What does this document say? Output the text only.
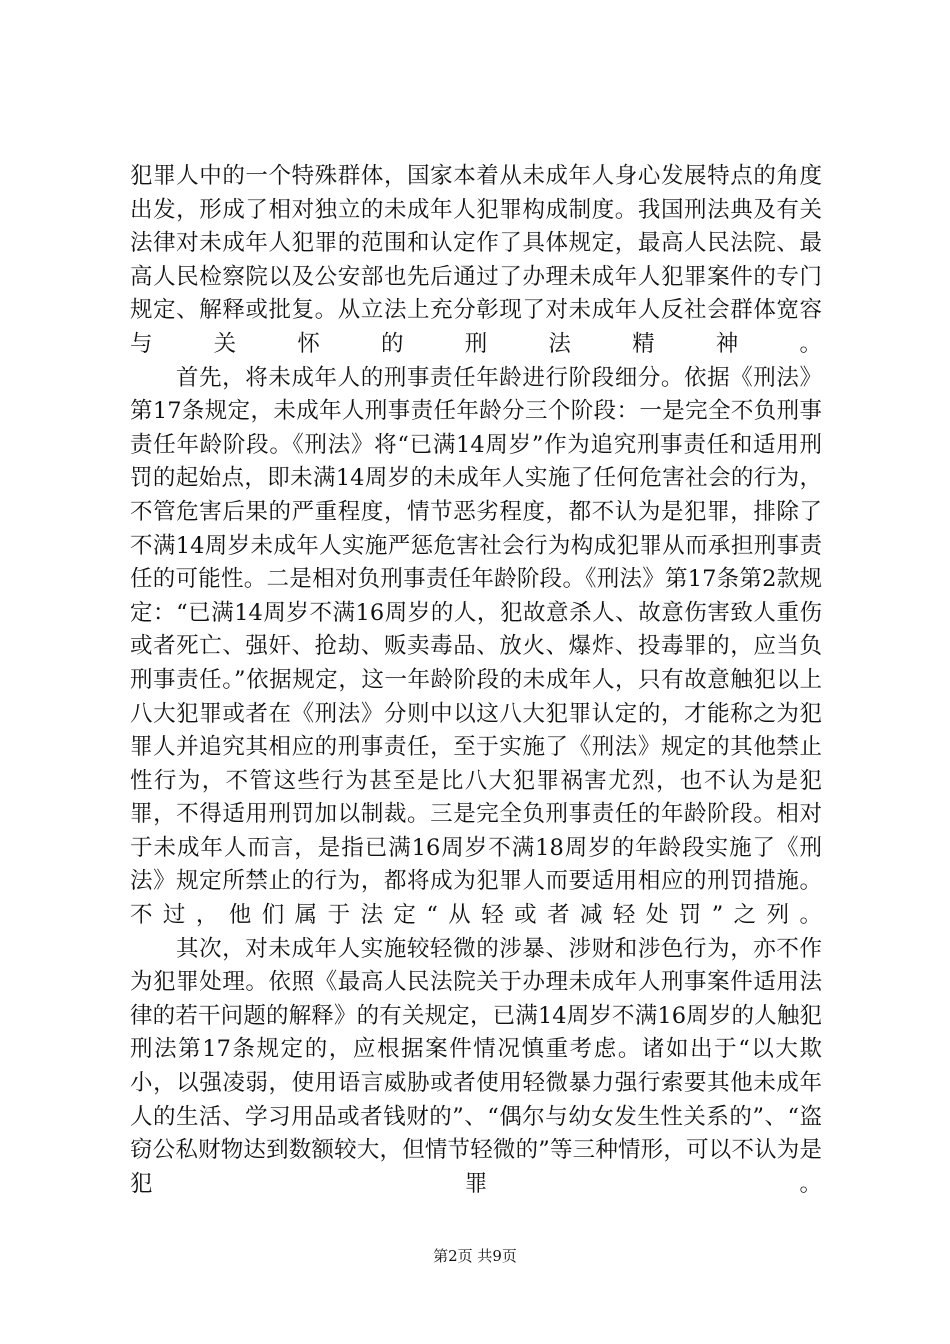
犯罪人中的一个特殊群体，国家本着从未成年人身心发展特点的角度出发，形成了相对独立的未成年人犯罪构成制度。我国刑法典及有关法律对未成年人犯罪的范围和认定作了具体规定，最高人民法院、最高人民检察院以及公安部也先后通过了办理未成年人犯罪案件的专门规定、解释或批复。从立法上充分彰现了对未成年人反社会群体宽容与关怀的刑法精神。

首先，将未成年人的刑事责任年龄进行阶段细分。依据《刑法》第17条规定，未成年人刑事责任年龄分三个阶段：一是完全不负刑事责任年龄阶段。《刑法》将“已满14周岁”作为追究刑事责任和适用刑罚的起始点，即未满14周岁的未成年人实施了任何危害社会的行为，不管危害后果的严重程度，情节恶劣程度，都不认为是犯罪，排除了不满14周岁未成年人实施严惩危害社会行为构成犯罪从而承担刑事责任的可能性。二是相对负刑事责任年龄阶段。《刑法》第17条第2款规定：“已满14周岁不满16周岁的人，犯故意杀人、故意伤害致人重伤或者死亡、强奸、抢劫、贩卖毒品、放火、爆炸、投毒罪的，应当负刑事责任。”依据规定，这一年龄阶段的未成年人，只有故意触犯以上八大犯罪或者在《刑法》分则中以这八大犯罪认定的，才能称之为犯罪人并追究其相应的刑事责任，至于实施了《刑法》规定的其他禁止性行为，不管这些行为甚至是比八大犯罪祸害尤烈，也不认为是犯罪，不得适用刑罚加以制裁。三是完全负刑事责任的年龄阶段。相对于未成年人而言，是指已满16周岁不满18周岁的年龄段实施了《刑法》规定所禁止的行为，都将成为犯罪人而要适用相应的刑罚措施。不过，他们属于法定“从轻或者减轻处罚”之列。

其次，对未成年人实施较轻微的涉暴、涉财和涉色行为，亦不作为犯罪处理。依照《最高人民法院关于办理未成年人刑事案件适用法律的若干问题的解释》的有关规定，已满14周岁不满16周岁的人触犯刑法第17条规定的，应根据案件情况慎重考虑。诸如出于“以大欺小，以强凌弱，使用语言威胁或者使用轻微暴力强行索要其他未成年人的生活、学习用品或者钱财的”、“偶尔与幼女发生性关系的”、“盗窃公私财物达到数额较大，但情节轻微的”等三种情形，可以不认为是犯罪。

第2页 共9页
